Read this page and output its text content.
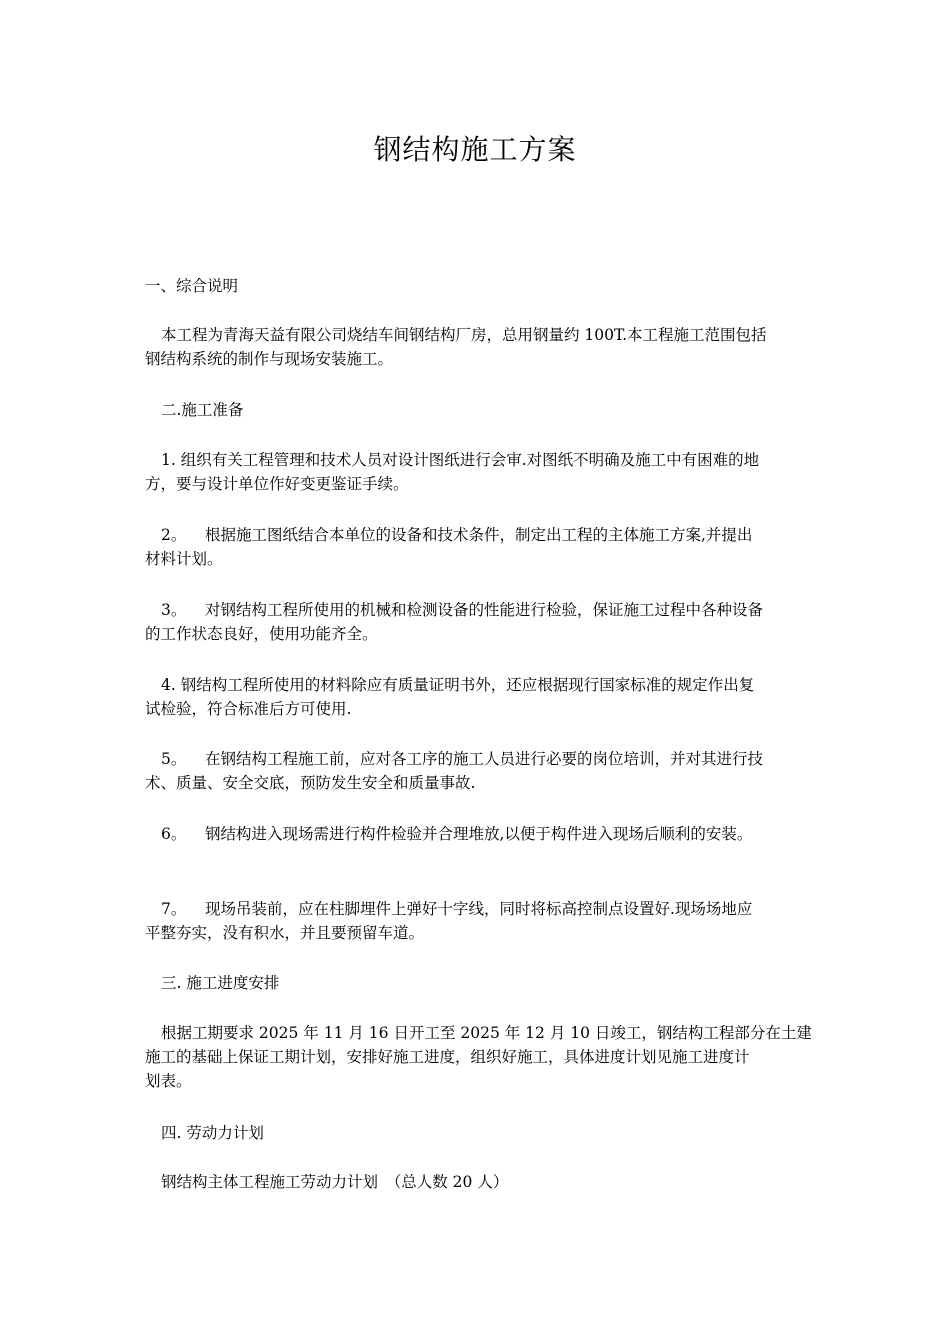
钢结构施工方案
一、综合说明
本工程为青海天益有限公司烧结车间钢结构厂房，总用钢量约 100T.本工程施工范围包括
钢结构系统的制作与现场安装施工。
二.施工准备
1. 组织有关工程管理和技术人员对设计图纸进行会审.对图纸不明确及施工中有困难的地
方，要与设计单位作好变更鉴证手续。
2。 根据施工图纸结合本单位的设备和技术条件，制定出工程的主体施工方案,并提出
材料计划。
3。 对钢结构工程所使用的机械和检测设备的性能进行检验，保证施工过程中各种设备
的工作状态良好，使用功能齐全。
4. 钢结构工程所使用的材料除应有质量证明书外，还应根据现行国家标准的规定作出复
试检验，符合标准后方可使用.
5。 在钢结构工程施工前，应对各工序的施工人员进行必要的岗位培训，并对其进行技
术、质量、安全交底，预防发生安全和质量事故.
6。 钢结构进入现场需进行构件检验并合理堆放,以便于构件进入现场后顺利的安装。
7。 现场吊装前，应在柱脚埋件上弹好十字线，同时将标高控制点设置好.现场场地应
平整夯实，没有积水，并且要预留车道。
三. 施工进度安排
根据工期要求 2025 年 11 月 16 日开工至 2025 年 12 月 10 日竣工，钢结构工程部分在土建
施工的基础上保证工期计划，安排好施工进度，组织好施工，具体进度计划见施工进度计
划表。
四. 劳动力计划
钢结构主体工程施工劳动力计划　（总人数 20 人）
